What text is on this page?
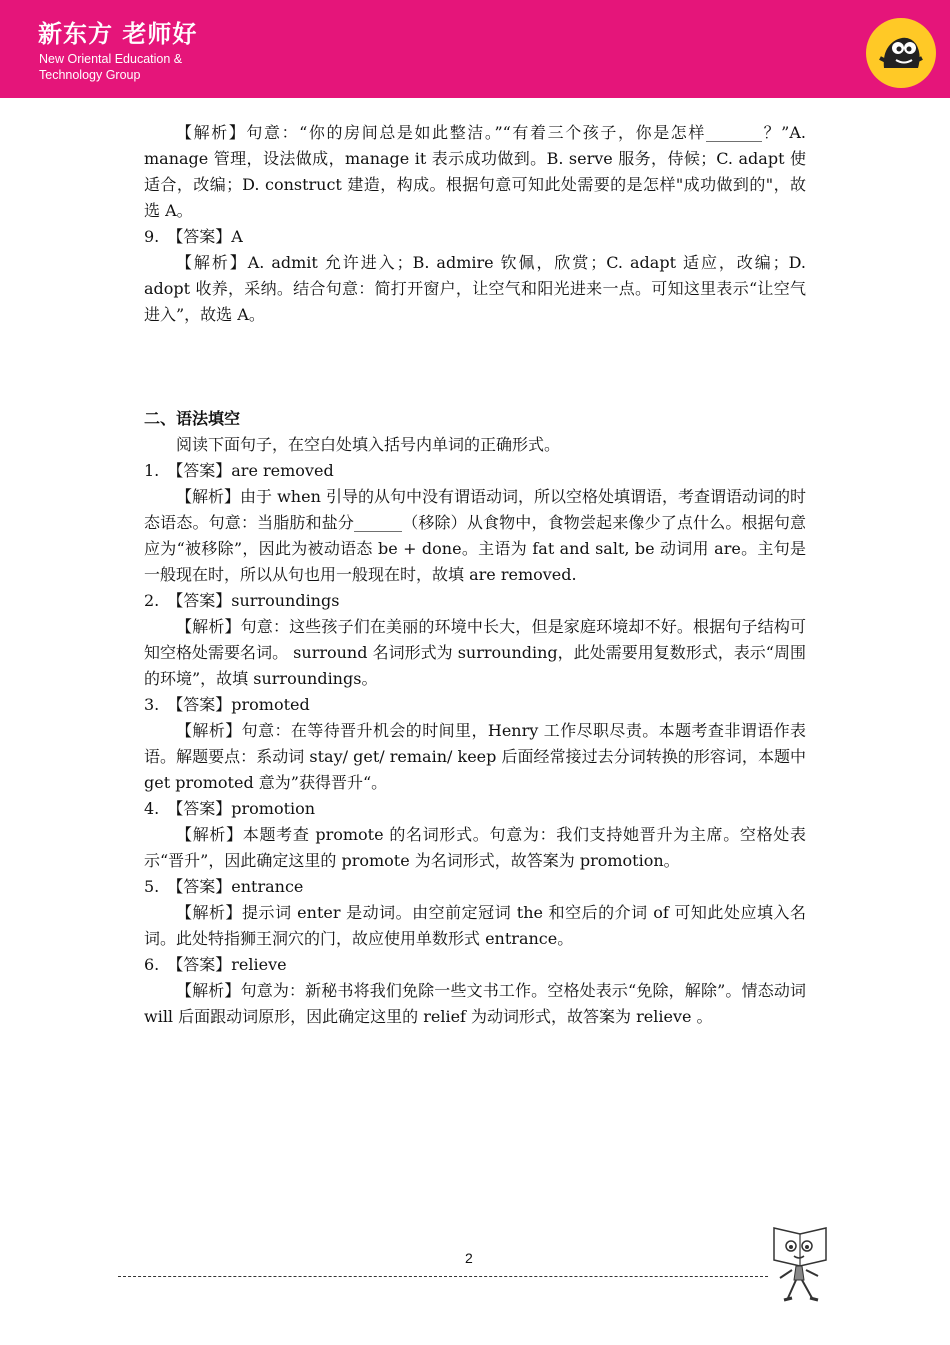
新东方 老师好
New Oriental Education & Technology Group

【解析】句意：“你的房间总是如此整洁。”“有着三个孩子，你是怎样_______？”A. manage 管理，设法做成，manage it 表示成功做到。B. serve 服务，侍候；C. adapt 使适合，改编；D. construct 建造，构成。根据句意可知此处需要的是怎样"成功做到的"，故选 A。

9.　【答案】A

【解析】A. admit 允许进入；B. admire 钦佩，欣赏；C. adapt 适应，改编；D. adopt 收养，采纳。结合句意：简打开窗户，让空气和阳光进来一点。可知这里表示“让空气进入”，故选 A。

二、语法填空

阅读下面句子，在空白处填入括号内单词的正确形式。

1.　【答案】are removed

【解析】由于 when 引导的从句中没有谓语动词，所以空格处填谓语，考查谓语动词的时态语态。句意：当脂肪和盐分______（移除）从食物中，食物尝起来像少了点什么。根据句意应为“被移除”，因此为被动语态 be + done。主语为 fat and salt, be 动词用 are。主句是一般现在时，所以从句也用一般现在时，故填 are removed.

2.　【答案】surroundings

【解析】句意：这些孩子们在美丽的环境中长大，但是家庭环境却不好。根据句子结构可知空格处需要名词。 surround 名词形式为 surrounding，此处需要用复数形式，表示“周围的环境”，故填 surroundings。

3.　【答案】promoted

【解析】句意：在等待晋升机会的时间里，Henry 工作尽职尽责。本题考查非谓语作表语。解题要点：系动词 stay/ get/ remain/ keep 后面经常接过去分词转换的形容词，本题中 get promoted 意为”获得晋升“。

4.　【答案】promotion

【解析】本题考查 promote 的名词形式。句意为：我们支持她晋升为主席。空格处表示“晋升”，因此确定这里的 promote 为名词形式，故答案为 promotion。

5.　【答案】entrance

【解析】提示词 enter 是动词。由空前定冠词 the 和空后的介词 of 可知此处应填入名词。此处特指狮王洞穴的门，故应使用单数形式 entrance。

6.　【答案】relieve

【解析】句意为：新秘书将我们免除一些文书工作。空格处表示“免除，解除”。情态动词 will 后面跟动词原形，因此确定这里的 relief 为动词形式，故答案为 relieve 。

2
